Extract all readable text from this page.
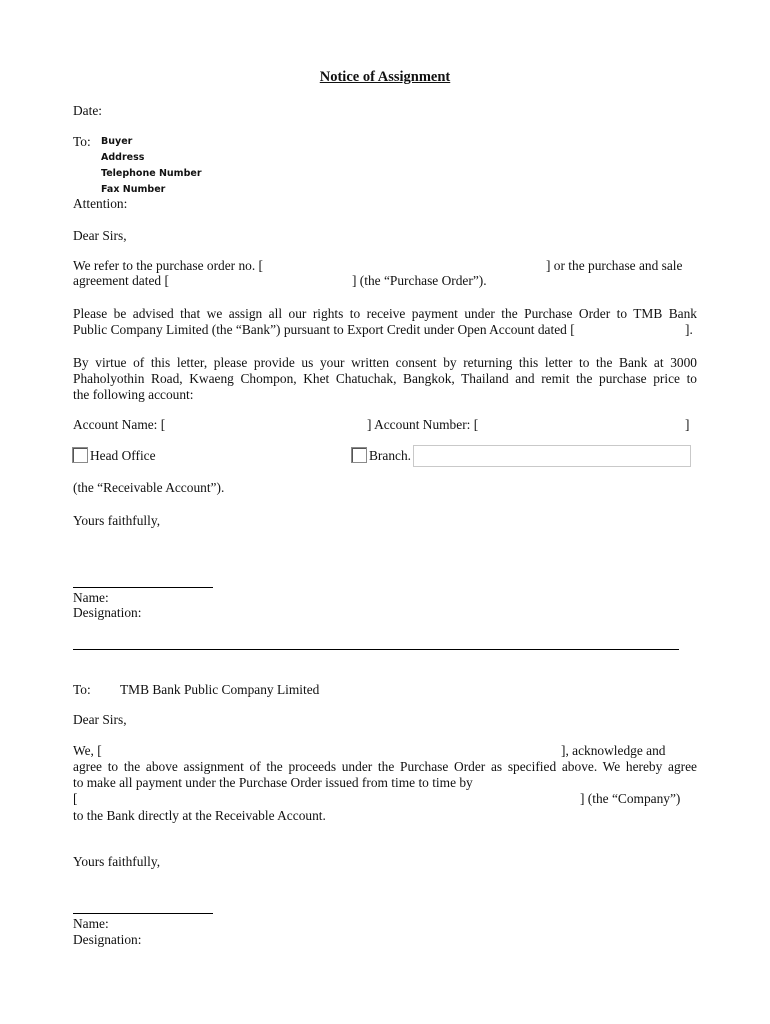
Notice of Assignment
Date:
To: Buyer
Address
Telephone Number
Fax Number
Attention:
Dear Sirs,
We refer to the purchase order no. [	] or the purchase and sale
agreement dated [	] (the “Purchase Order”).
Please be advised that we assign all our rights to receive payment under the Purchase Order to TMB Bank
Public Company Limited (the “Bank”) pursuant to Export Credit under Open Account dated [	].
By virtue of this letter, please provide us your written consent by returning this letter to the Bank at 3000
Phaholyothin Road, Kwaeng Chompon, Khet Chatuchak, Bangkok, Thailand and remit the purchase price to
the following account:
Account Name: [	] Account Number: [	]
Head Office	Branch.
(the “Receivable Account”).
Yours faithfully,
Name:
Designation:
To: TMB Bank Public Company Limited
Dear Sirs,
We, [	], acknowledge and
agree to the above assignment of the proceeds under the Purchase Order as specified above. We hereby agree
to make all payment under the Purchase Order issued from time to time by
[	] (the “Company”)
to the Bank directly at the Receivable Account.
Yours faithfully,
Name:
Designation:
